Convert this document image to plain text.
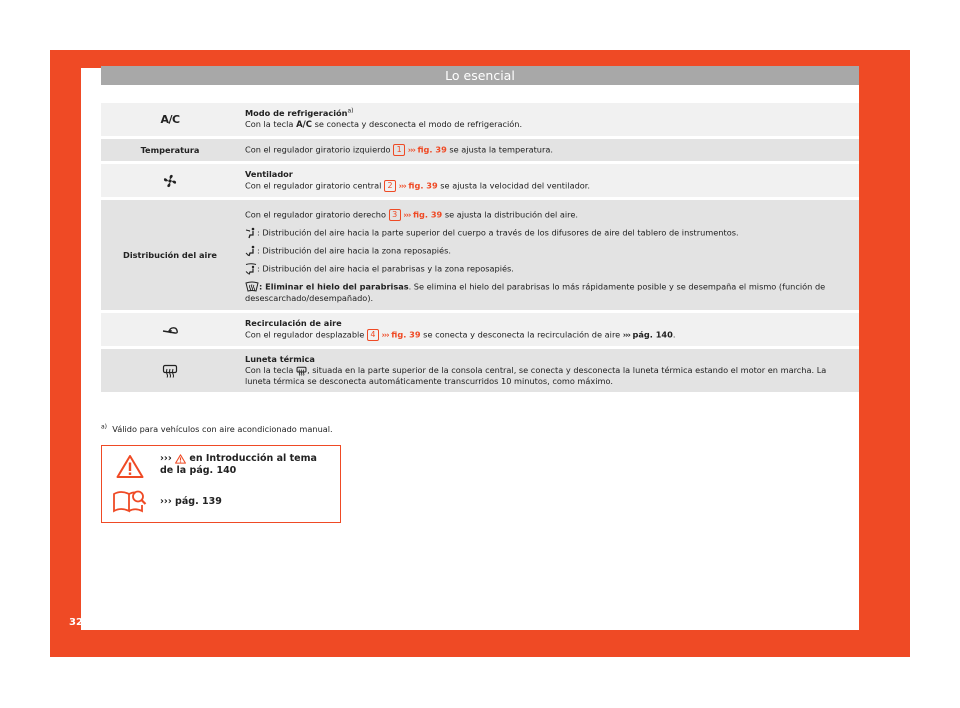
Lo esencial
A/C	Modo de refrigeración$^{a)}$
Con la tecla A/C se conecta y desconecta el modo de refrigeración.

Temperatura	Con el regulador giratorio izquierdo 1 ››› fig. 39 se ajusta la temperatura.

Ventilador
Con el regulador giratorio central 2 ››› fig. 39 se ajusta la velocidad del ventilador.

Distribución del aire	Con el regulador giratorio derecho 3 ››› fig. 39 se ajusta la distribución del aire.
: Distribución del aire hacia la parte superior del cuerpo a través de los difusores de aire del tablero de instrumentos.
: Distribución del aire hacia la zona reposapiés.
: Distribución del aire hacia el parabrisas y la zona reposapiés.
: Eliminar el hielo del parabrisas. Se elimina el hielo del parabrisas lo más rápidamente posible y se desempaña el mismo (función de desescarchado/desempañado).

Recirculación de aire
Con el regulador desplazable 4 ››› fig. 39 se conecta y desconecta la recirculación de aire ››› pág. 140.

Luneta térmica
Con la tecla , situada en la parte superior de la consola central, se conecta y desconecta la luneta térmica estando el motor en marcha. La luneta térmica se desconecta automáticamente transcurridos 10 minutos, como máximo.
$^{a)}$ Válido para vehículos con aire acondicionado manual.
›››  en Introducción al tema de la pág. 140
››› pág. 139
32
